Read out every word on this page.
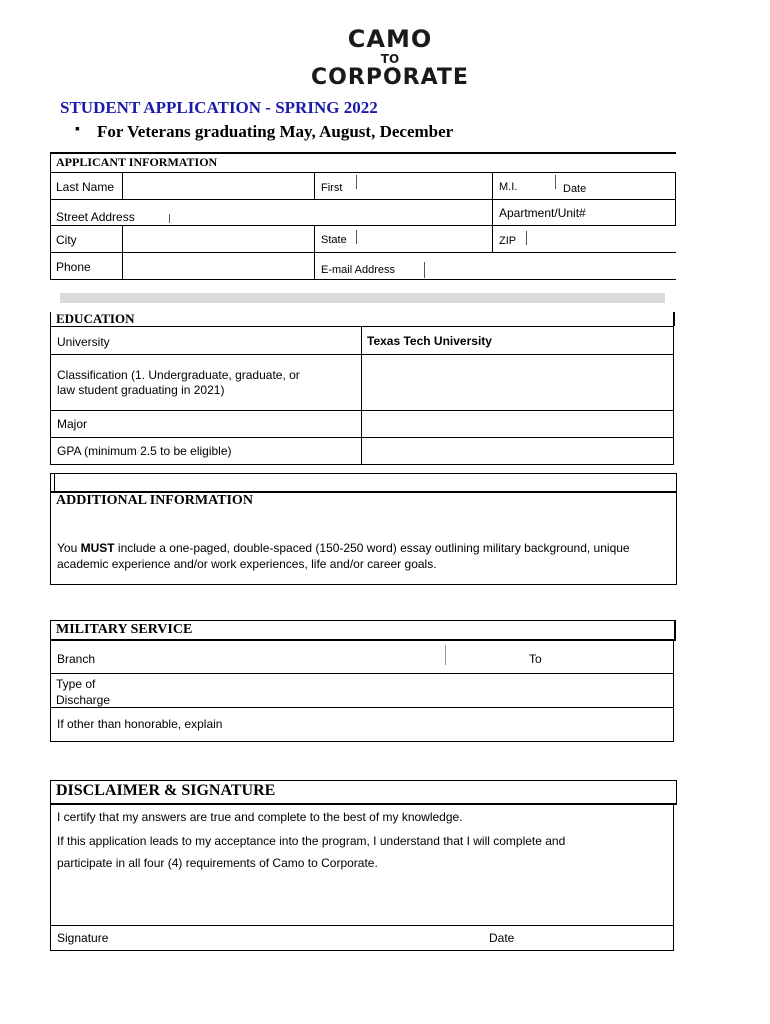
CAMO
TO
CORPORATE
STUDENT APPLICATION - SPRING 2022
▪ For Veterans graduating May, August, December
APPLICANT INFORMATION
Last Name	First	M.I.	Date
Street Address	Apartment/Unit#
City	State	ZIP
Phone	E-mail Address
EDUCATION
University	Texas Tech University
Classification (1. Undergraduate, graduate, or
law student graduating in 2021)
Major
GPA (minimum 2.5 to be eligible)
ADDITIONAL INFORMATION
You MUST include a one-paged, double-spaced (150-250 word) essay outlining military background, unique
academic experience and/or work experiences, life and/or career goals.
MILITARY SERVICE
Branch	To
Type of
Discharge
If other than honorable, explain
DISCLAIMER & SIGNATURE
I certify that my answers are true and complete to the best of my knowledge.
If this application leads to my acceptance into the program, I understand that I will complete and
participate in all four (4) requirements of Camo to Corporate.
Signature	Date
